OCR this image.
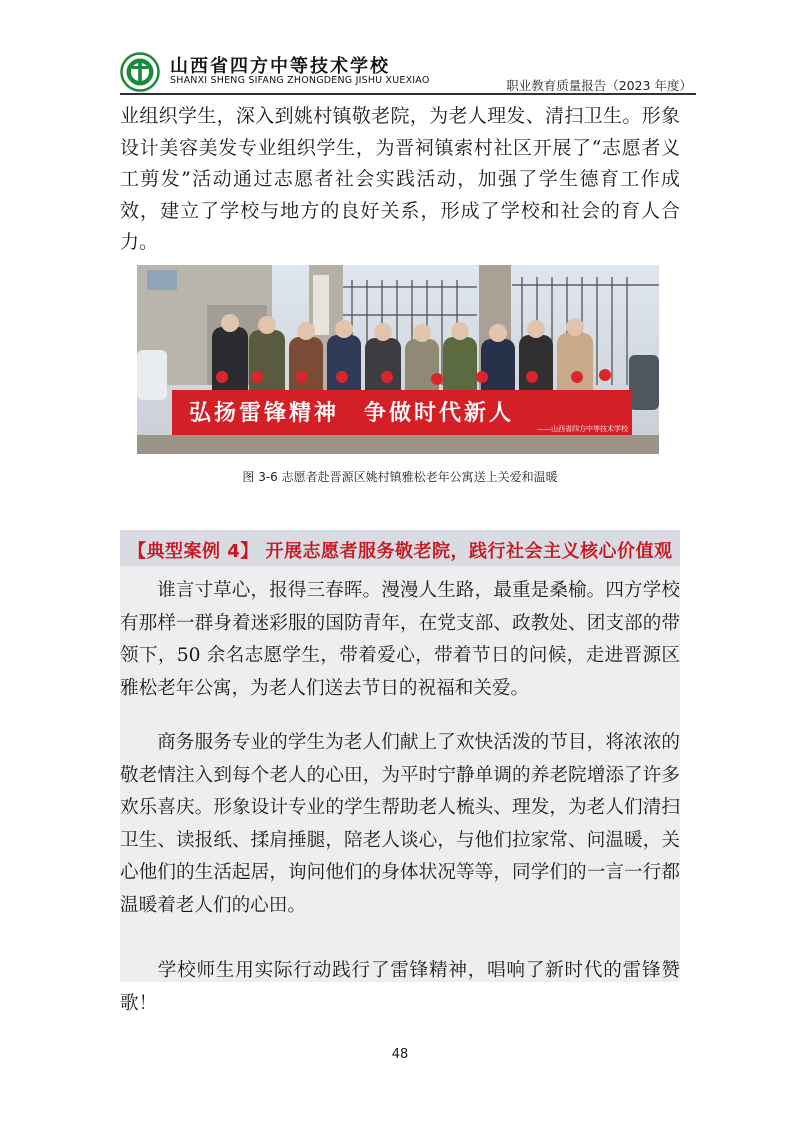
山西省四方中等技术学校
SHANXI SHENG SIFANG ZHONGDENG JISHU XUEXIAO	职业教育质量报告（2023 年度）

业组织学生，深入到姚村镇敬老院，为老人理发、清扫卫生。形象设计美容美发专业组织学生，为晋祠镇索村社区开展了“志愿者义工剪发”活动通过志愿者社会实践活动，加强了学生德育工作成效，建立了学校与地方的良好关系，形成了学校和社会的育人合力。

弘扬雷锋精神　争做时代新人
——山西省四方中等技术学校
图 3-6 志愿者赴晋源区姚村镇雅松老年公寓送上关爱和温暖
【典型案例 4】 开展志愿者服务敬老院，践行社会主义核心价值观

谁言寸草心，报得三春晖。漫漫人生路，最重是桑榆。四方学校有那样一群身着迷彩服的国防青年，在党支部、政教处、团支部的带领下，50 余名志愿学生，带着爱心，带着节日的问候，走进晋源区雅松老年公寓，为老人们送去节日的祝福和关爱。

商务服务专业的学生为老人们献上了欢快活泼的节目，将浓浓的敬老情注入到每个老人的心田，为平时宁静单调的养老院增添了许多欢乐喜庆。形象设计专业的学生帮助老人梳头、理发，为老人们清扫卫生、读报纸、揉肩捶腿，陪老人谈心，与他们拉家常、问温暖，关心他们的生活起居，询问他们的身体状况等等，同学们的一言一行都温暖着老人们的心田。

学校师生用实际行动践行了雷锋精神，唱响了新时代的雷锋赞歌！

48
